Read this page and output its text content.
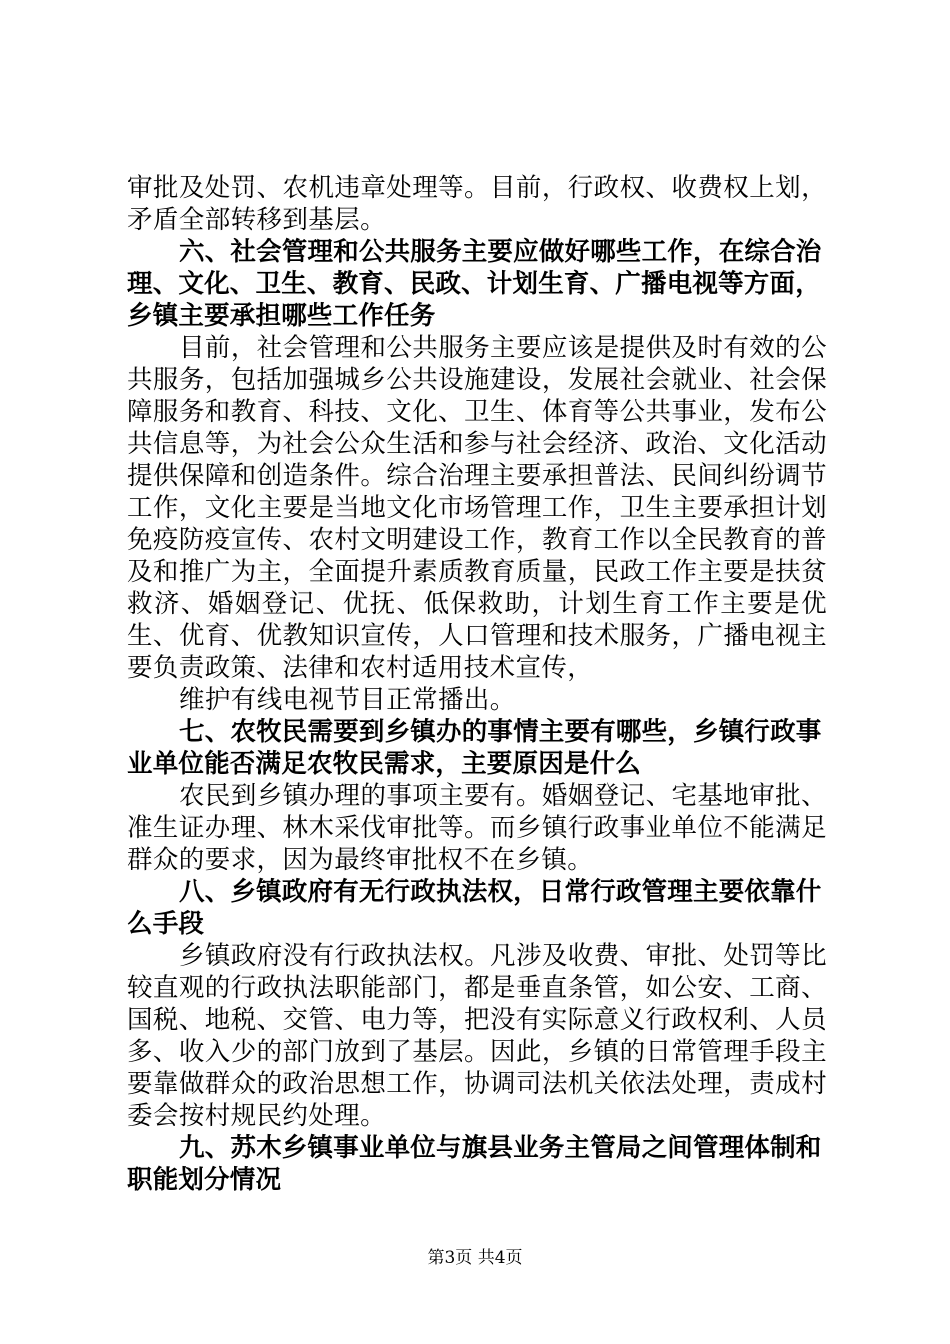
审批及处罚、农机违章处理等。目前，行政权、收费权上划，矛盾全部转移到基层。

六、社会管理和公共服务主要应做好哪些工作，在综合治理、文化、卫生、教育、民政、计划生育、广播电视等方面，乡镇主要承担哪些工作任务

目前，社会管理和公共服务主要应该是提供及时有效的公共服务，包括加强城乡公共设施建设，发展社会就业、社会保障服务和教育、科技、文化、卫生、体育等公共事业，发布公共信息等，为社会公众生活和参与社会经济、政治、文化活动提供保障和创造条件。综合治理主要承担普法、民间纠纷调节工作，文化主要是当地文化市场管理工作，卫生主要承担计划免疫防疫宣传、农村文明建设工作，教育工作以全民教育的普及和推广为主，全面提升素质教育质量，民政工作主要是扶贫救济、婚姻登记、优抚、低保救助，计划生育工作主要是优生、优育、优教知识宣传，人口管理和技术服务，广播电视主要负责政策、法律和农村适用技术宣传，

维护有线电视节目正常播出。

七、农牧民需要到乡镇办的事情主要有哪些，乡镇行政事业单位能否满足农牧民需求，主要原因是什么

农民到乡镇办理的事项主要有。婚姻登记、宅基地审批、准生证办理、林木采伐审批等。而乡镇行政事业单位不能满足群众的要求，因为最终审批权不在乡镇。

八、乡镇政府有无行政执法权，日常行政管理主要依靠什么手段

乡镇政府没有行政执法权。凡涉及收费、审批、处罚等比较直观的行政执法职能部门，都是垂直条管，如公安、工商、国税、地税、交管、电力等，把没有实际意义行政权利、人员多、收入少的部门放到了基层。因此，乡镇的日常管理手段主要靠做群众的政治思想工作，协调司法机关依法处理，责成村委会按村规民约处理。

九、苏木乡镇事业单位与旗县业务主管局之间管理体制和职能划分情况

第3页 共4页
